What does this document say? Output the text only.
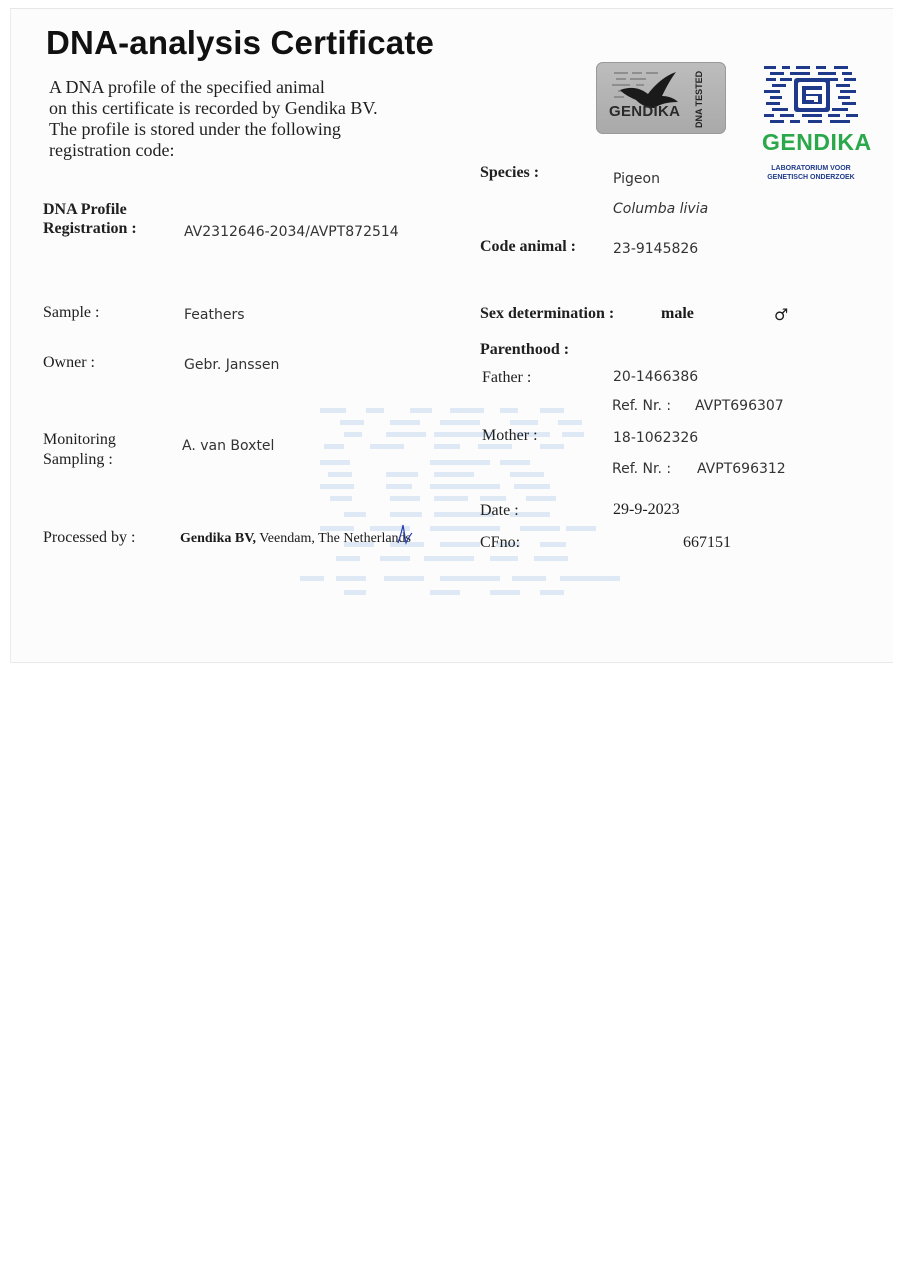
DNA-analysis Certificate
A DNA profile of the specified animal
on this certificate is recorded by Gendika BV.
The profile is stored under the following
registration code:
GENDIKA DNA TESTED
GENDIKA
LABORATORIUM VOOR
GENETISCH ONDERZOEK
DNA Profile
Registration :	AV2312646-2034/AVPT872514
Sample :	Feathers
Owner :	Gebr. Janssen
Monitoring
Sampling :
A. van Boxtel
Processed by :	Gendika BV, Veendam, The Netherlands
Species :	Pigeon
Columba livia
Code animal :	23-9145826
Sex determination :	male	♂
Parenthood :
Father :	20-1466386
Ref. Nr. : AVPT696307
Mother :	18-1062326
Ref. Nr. : AVPT696312
Date :	29-9-2023
CFno:	667151
